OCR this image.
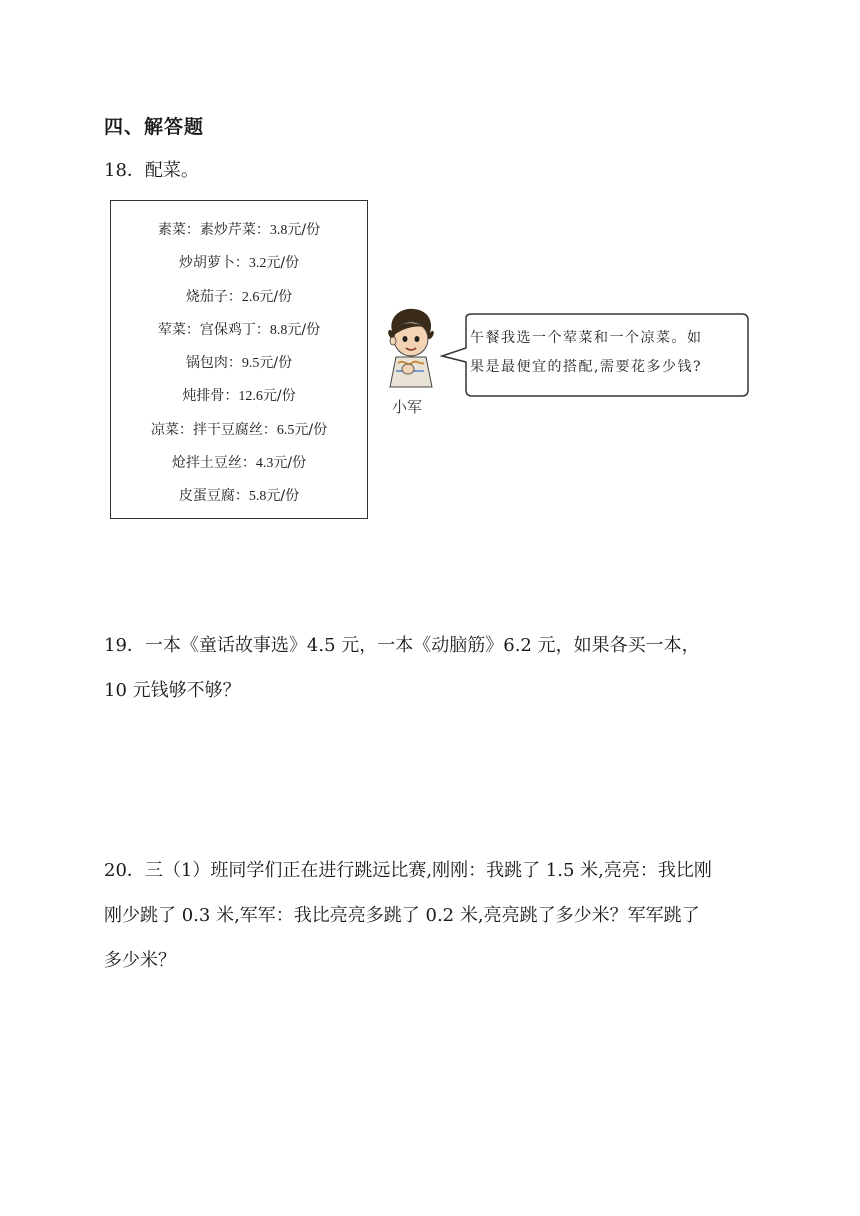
四、解答题
18．配菜。
素菜：素炒芹菜：3.8元/份
炒胡萝卜：3.2元/份
烧茄子：2.6元/份
荤菜：宫保鸡丁：8.8元/份
锅包肉：9.5元/份
炖排骨：12.6元/份
凉菜：拌干豆腐丝：6.5元/份
炝拌土豆丝：4.3元/份
皮蛋豆腐：5.8元/份
小军
午餐我选一个荤菜和一个凉菜。如
果是最便宜的搭配,需要花多少钱?
19．一本《童话故事选》4.5 元，一本《动脑筋》6.2 元，如果各买一本，
10 元钱够不够？
20．三（1）班同学们正在进行跳远比赛,刚刚：我跳了 1.5 米,亮亮：我比刚
刚少跳了 0.3 米,军军：我比亮亮多跳了 0.2 米,亮亮跳了多少米？军军跳了
多少米？
